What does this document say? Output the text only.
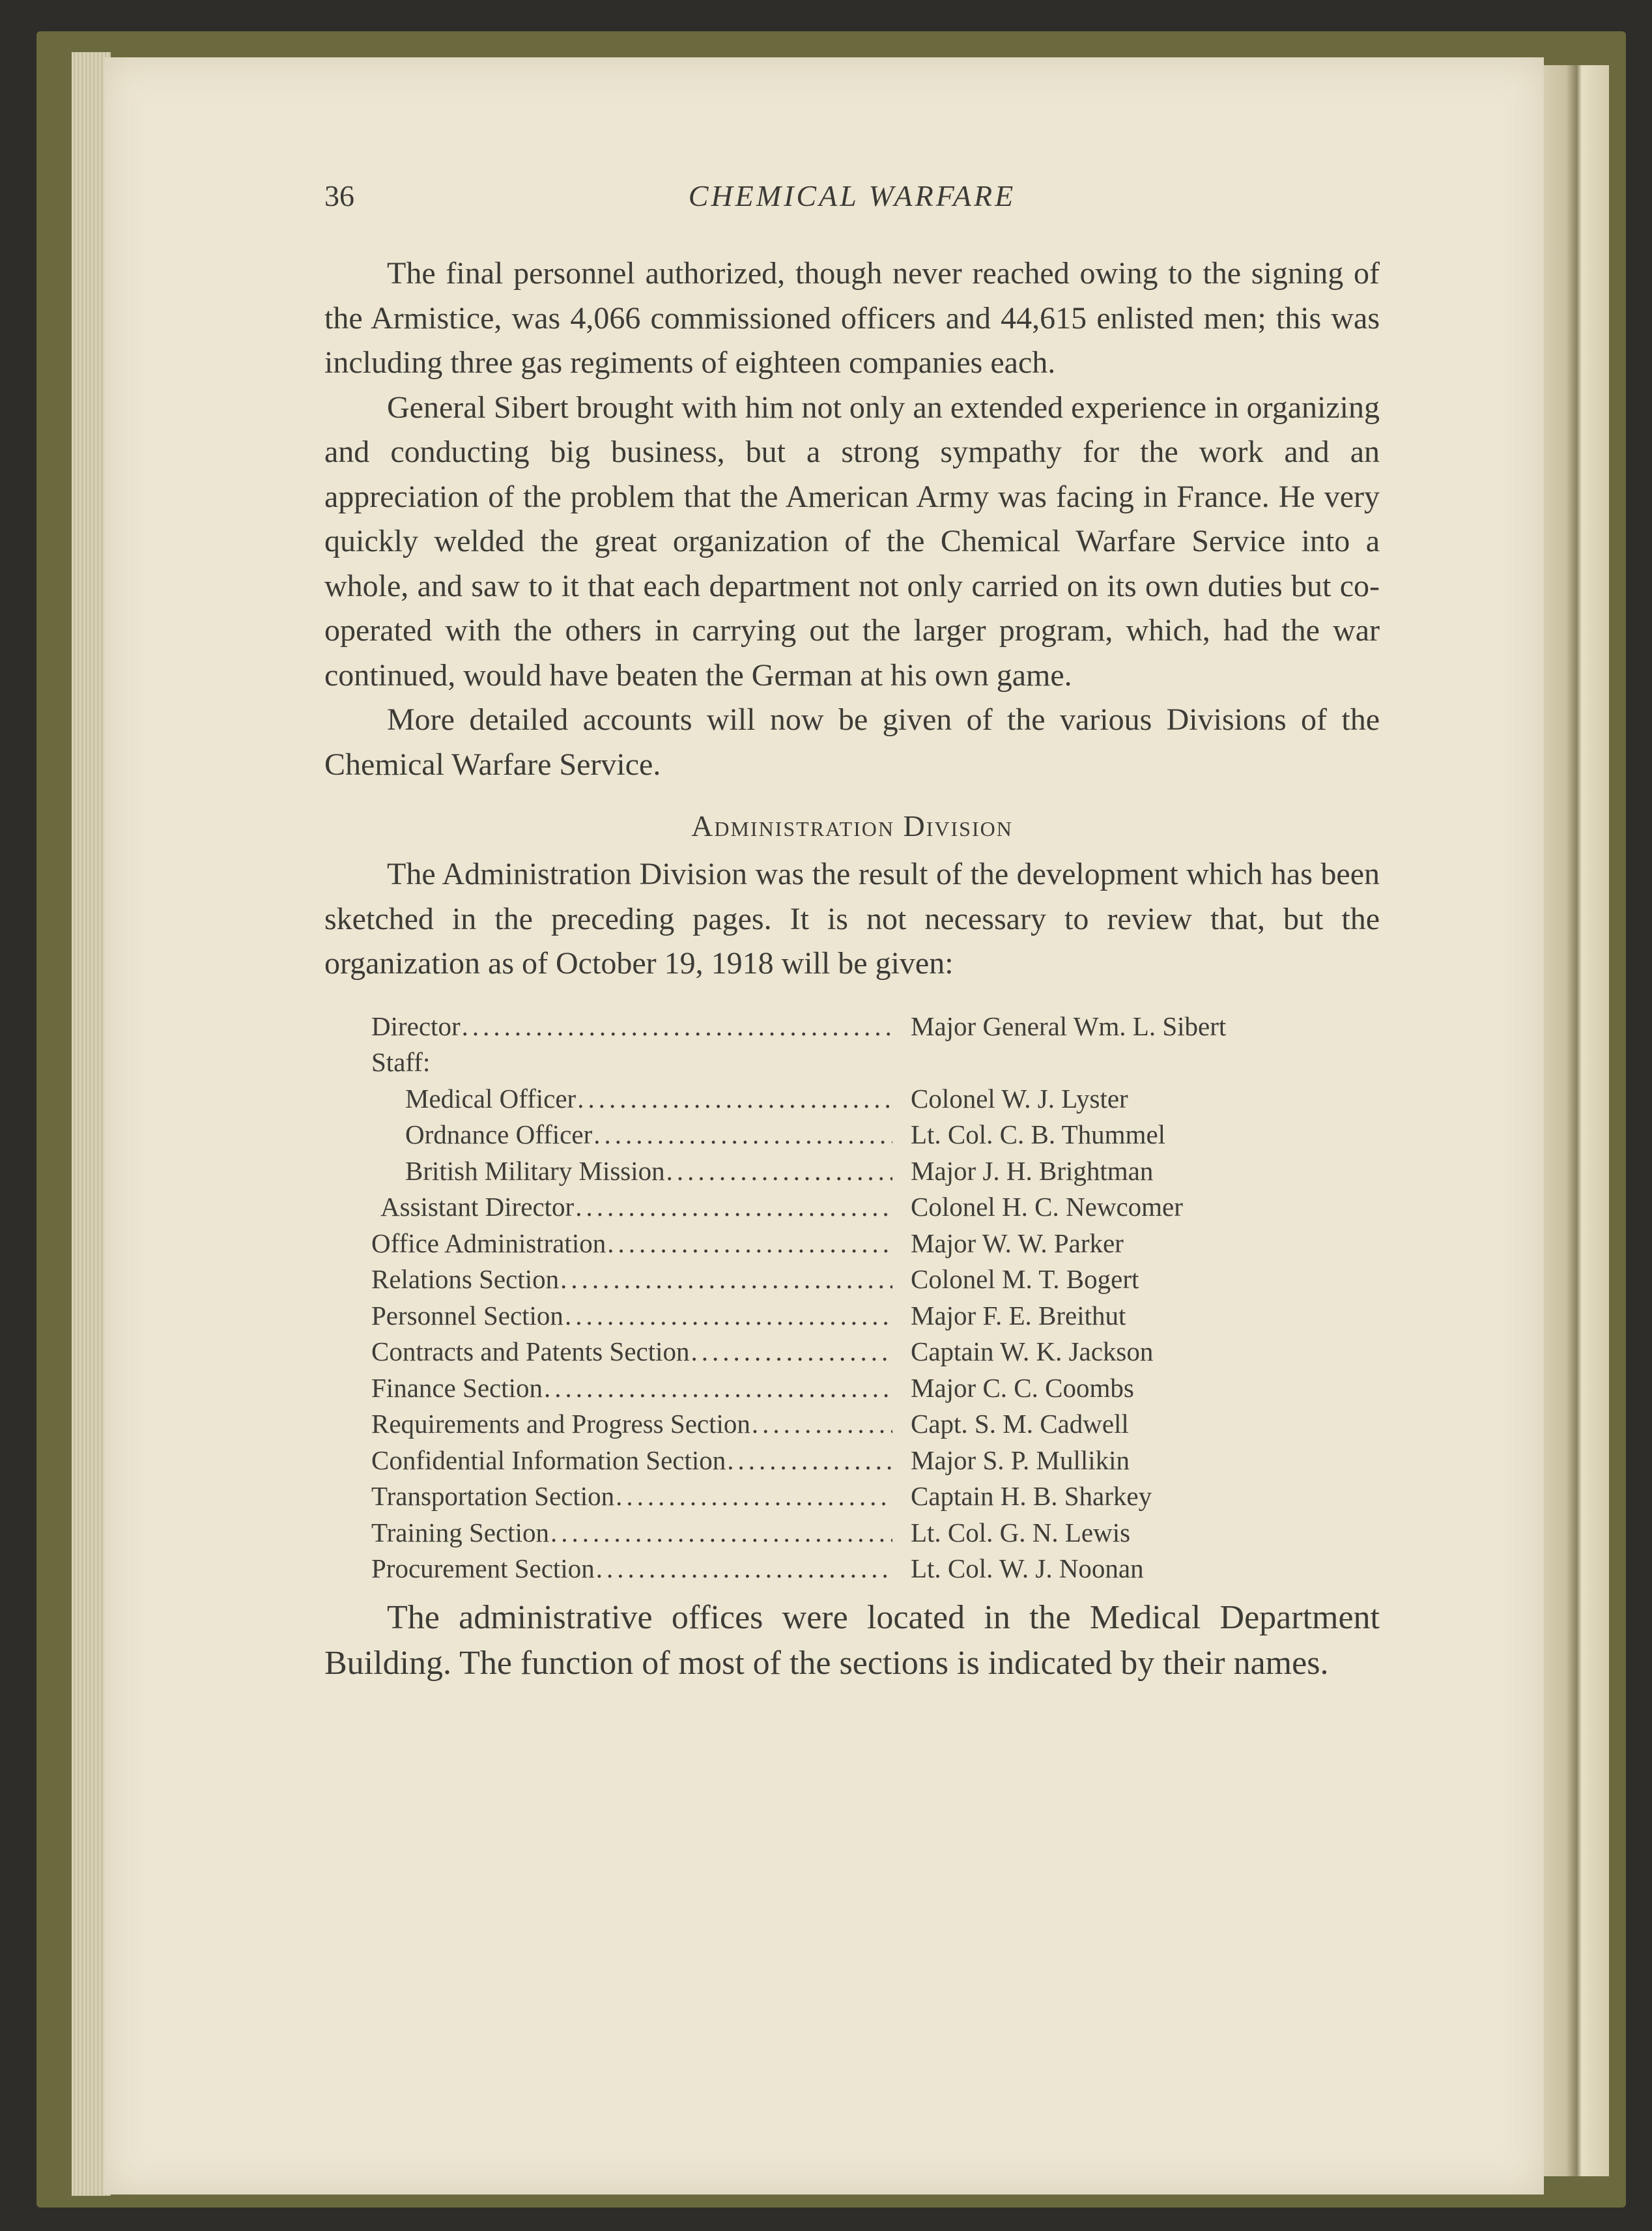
36	CHEMICAL WARFARE

The final personnel authorized, though never reached owing to the signing of the Armistice, was 4,066 commissioned officers and 44,615 enlisted men; this was including three gas regiments of eighteen companies each.

General Sibert brought with him not only an extended experience in organizing and conducting big business, but a strong sympathy for the work and an appreciation of the problem that the American Army was facing in France. He very quickly welded the great organization of the Chemical Warfare Service into a whole, and saw to it that each department not only carried on its own duties but co-operated with the others in carrying out the larger program, which, had the war continued, would have beaten the German at his own game.

More detailed accounts will now be given of the various Divisions of the Chemical Warfare Service.

Administration Division

The Administration Division was the result of the development which has been sketched in the preceding pages. It is not necessary to review that, but the organization as of October 19, 1918 will be given:

Director .....	Major General Wm. L. Sibert
Staff:
Medical Officer .....	Colonel W. J. Lyster
Ordnance Officer .....	Lt. Col. C. B. Thummel
British Military Mission .....	Major J. H. Brightman
Assistant Director .....	Colonel H. C. Newcomer
Office Administration .....	Major W. W. Parker
Relations Section .....	Colonel M. T. Bogert
Personnel Section .....	Major F. E. Breithut
Contracts and Patents Section .....	Captain W. K. Jackson
Finance Section .....	Major C. C. Coombs
Requirements and Progress Section .....	Capt. S. M. Cadwell
Confidential Information Section .....	Major S. P. Mullikin
Transportation Section .....	Captain H. B. Sharkey
Training Section .....	Lt. Col. G. N. Lewis
Procurement Section .....	Lt. Col. W. J. Noonan

The administrative offices were located in the Medical Department Building. The function of most of the sections is indicated by their names.
